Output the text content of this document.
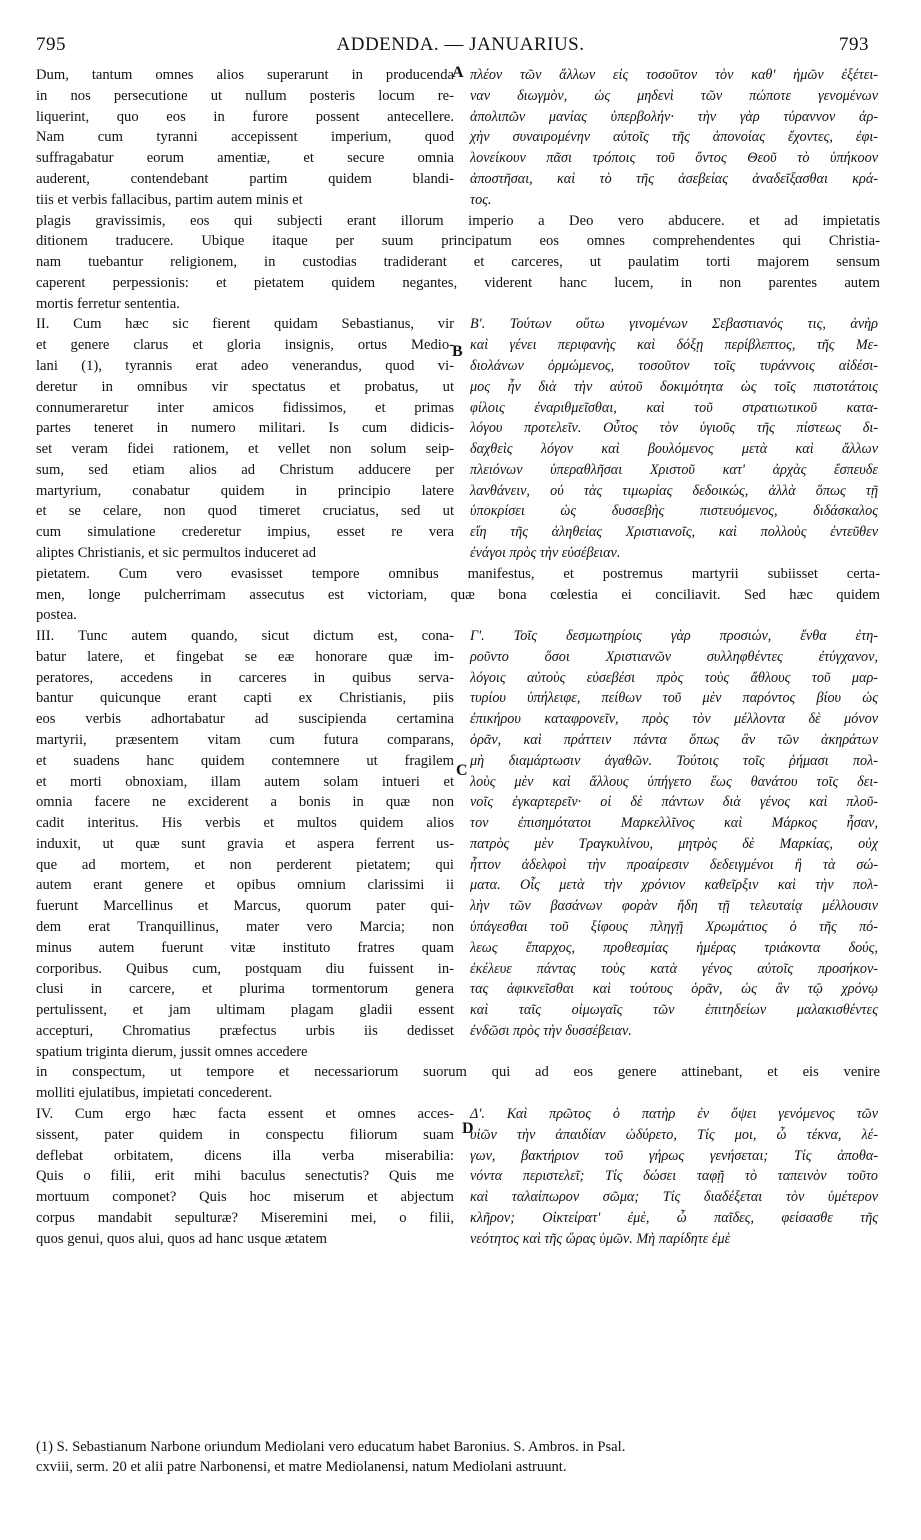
795	ADDENDA. — JANUARIUS.	793
A
B
C
D
Dum, tantum omnes alios superarunt in producenda
in nos persecutione ut nullum posteris locum re-
liquerint, quo eos in furore possent antecellere.
Nam cum tyranni accepissent imperium, quod
suffragabatur eorum amentiæ, et secure omnia
auderent, contendebant partim quidem blandi-
tiis et verbis fallacibus, partim autem minis et
πλέον τῶν ἄλλων εἰς τοσοῦτον τὸν καθ' ἡμῶν ἐξέτει-
ναν διωγμὸν, ὡς μηδενὶ τῶν πώποτε γενομένων
ἀπολιπῶν μανίας ὑπερβολήν· τὴν γὰρ τύραννον ἀρ-
χὴν συναιρομένην αὐτοῖς τῆς ἀπονοίας ἔχοντες, ἐφι-
λονείκουν πᾶσι τρόποις τοῦ ὄντος Θεοῦ τὸ ὑπήκοον
ἀποστῆσαι, καὶ τὸ τῆς ἀσεβείας ἀναδεῖξασθαι κρά-
τος.
plagis gravissimis, eos qui subjecti erant illorum imperio a Deo vero abducere. et ad impietatis
ditionem traducere. Ubique itaque per suum principatum eos omnes comprehendentes qui Christia-
nam tuebantur religionem, in custodias tradiderant et carceres, ut paulatim torti majorem sensum
caperent perpessionis: et pietatem quidem negantes, viderent hanc lucem, in non parentes autem
mortis ferretur sententia.
II. Cum hæc sic fierent quidam Sebastianus, vir
et genere clarus et gloria insignis, ortus Medio-
lani (1), tyrannis erat adeo venerandus, quod vi-
deretur in omnibus vir spectatus et probatus, ut
connumeraretur inter amicos fidissimos, et primas
partes teneret in numero militari. Is cum didicis-
set veram fidei rationem, et vellet non solum seip-
sum, sed etiam alios ad Christum adducere per
martyrium, conabatur quidem in principio latere
et se celare, non quod timeret cruciatus, sed ut
cum simulatione crederetur impius, esset re vera
aliptes Christianis, et sic permultos induceret ad
Β'. Τούτων οὕτω γινομένων Σεβαστιανός τις, ἀνὴρ
καὶ γένει περιφανὴς καὶ δόξῃ περίβλεπτος, τῆς Με-
διολάνων ὁρμώμενος, τοσοῦτον τοῖς τυράννοις αἰδέσι-
μος ἦν διὰ τὴν αὐτοῦ δοκιμότητα ὡς τοῖς πιστοτάτοις
φίλοις ἐναριθμεῖσθαι, καὶ τοῦ στρατιωτικοῦ κατα-
λόγου προτελεῖν. Οὗτος τὸν ὑγιοῦς τῆς πίστεως δι-
δαχθεὶς λόγον καὶ βουλόμενος μετὰ καὶ ἄλλων
πλειόνων ὑπεραθλῆσαι Χριστοῦ κατ' ἀρχὰς ἔσπευδε
λανθάνειν, οὐ τὰς τιμωρίας δεδοικώς, ἀλλὰ ὅπως τῇ
ὑποκρίσει ὡς δυσσεβὴς πιστευόμενος, διδάσκαλος
εἴη τῆς ἀληθείας Χριστιανοῖς, καὶ πολλοὺς ἐντεῦθεν
ἐνάγοι πρὸς τὴν εὐσέβειαν.
pietatem. Cum vero evasisset tempore omnibus manifestus, et postremus martyrii subiisset certa-
men, longe pulcherrimam assecutus est victoriam, quæ bona cœlestia ei conciliavit. Sed hæc quidem
postea.
III. Tunc autem quando, sicut dictum est, cona-
batur latere, et fingebat se eæ honorare quæ im-
peratores, accedens in carceres in quibus serva-
bantur quicunque erant capti ex Christianis, piis
eos verbis adhortabatur ad suscipienda certamina
martyrii, præsentem vitam cum futura comparans,
et suadens hanc quidem contemnere ut fragilem
et morti obnoxiam, illam autem solam intueri et
omnia facere ne exciderent a bonis in quæ non
cadit interitus. His verbis et multos quidem alios
induxit, ut quæ sunt gravia et aspera ferrent us-
que ad mortem, et non perderent pietatem; qui
autem erant genere et opibus omnium clarissimi ii
fuerunt Marcellinus et Marcus, quorum pater qui-
dem erat Tranquillinus, mater vero Marcia; non
minus autem fuerunt vitæ instituto fratres quam
corporibus. Quibus cum, postquam diu fuissent in-
clusi in carcere, et plurima tormentorum genera
pertulissent, et jam ultimam plagam gladii essent
accepturi, Chromatius præfectus urbis iis dedisset
spatium triginta dierum, jussit omnes accedere
Γ'. Τοῖς δεσμωτηρίοις γὰρ προσιών, ἔνθα ἐτη-
ροῦντο ὅσοι Χριστιανῶν συλληφθέντες ἐτύγχανον,
λόγοις αὐτοὺς εὐσεβέσι πρὸς τοὺς ἄθλους τοῦ μαρ-
τυρίου ὑπήλειφε, πείθων τοῦ μὲν παρόντος βίου ὡς
ἐπικήρου καταφρονεῖν, πρὸς τὸν μέλλοντα δὲ μόνον
ὁρᾶν, καὶ πράττειν πάντα ὅπως ἂν τῶν ἀκηράτων
μὴ διαμάρτωσιν ἀγαθῶν. Τούτοις τοῖς ῥήμασι πολ-
λοὺς μὲν καὶ ἄλλους ὑπήγετο ἕως θανάτου τοῖς δει-
νοῖς ἐγκαρτερεῖν· οἱ δὲ πάντων διὰ γένος καὶ πλοῦ-
τον ἐπισημότατοι Μαρκελλῖνος καὶ Μάρκος ἦσαν,
πατρὸς μὲν Τραγκυλίνου, μητρὸς δὲ Μαρκίας, οὐχ
ἧττον ἀδελφοὶ τὴν προαίρεσιν δεδειγμένοι ἢ τὰ σώ-
ματα. Οἷς μετὰ τὴν χρόνιον καθεῖρξιν καὶ τὴν πολ-
λὴν τῶν βασάνων φορὰν ἤδη τῇ τελευταίᾳ μέλλουσιν
ὑπάγεσθαι τοῦ ξίφους πληγῇ Χρωμάτιος ὁ τῆς πό-
λεως ἔπαρχος, προθεσμίας ἡμέρας τριάκοντα δούς,
ἐκέλευε πάντας τοὺς κατὰ γένος αὐτοῖς προσήκον-
τας ἀφικνεῖσθαι καὶ τούτους ὁρᾶν, ὡς ἂν τῷ χρόνῳ
καὶ ταῖς οἰμωγαῖς τῶν ἐπιτηδείων μαλακισθέντες
ἐνδῶσι πρὸς τὴν δυσσέβειαν.
in conspectum, ut tempore et necessariorum suorum qui ad eos genere attinebant, et eis venire
molliti ejulatibus, impietati concederent.
IV. Cum ergo hæc facta essent et omnes acces-
sissent, pater quidem in conspectu filiorum suam
deflebat orbitatem, dicens illa verba miserabilia:
Quis o filii, erit mihi baculus senectutis? Quis me
mortuum componet? Quis hoc miserum et abjectum
corpus mandabit sepulturæ? Miseremini mei, o filii,
quos genui, quos alui, quos ad hanc usque ætatem
Δ'. Καὶ πρῶτος ὁ πατὴρ ἐν ὄψει γενόμενος τῶν
υἱῶν τὴν ἀπαιδίαν ὠδύρετο, Τίς μοι, ὦ τέκνα, λέ-
γων, βακτήριον τοῦ γήρως γενήσεται; Τίς ἀποθα-
νόντα περιστελεῖ; Τίς δώσει ταφῇ τὸ ταπεινὸν τοῦτο
καὶ ταλαίπωρον σῶμα; Τίς διαδέξεται τὸν ὑμέτερον
κλῆρον; Οἰκτείρατ' ἐμὲ, ὦ παῖδες, φείσασθε τῆς
νεότητος καὶ τῆς ὥρας ὑμῶν. Μὴ παρίδητε ἐμὲ
(1) S. Sebastianum Narbone oriundum Mediolani vero educatum habet Baronius. S. Ambros. in Psal.
cxviii, serm. 20 et alii patre Narbonensi, et matre Mediolanensi, natum Mediolani astruunt.
